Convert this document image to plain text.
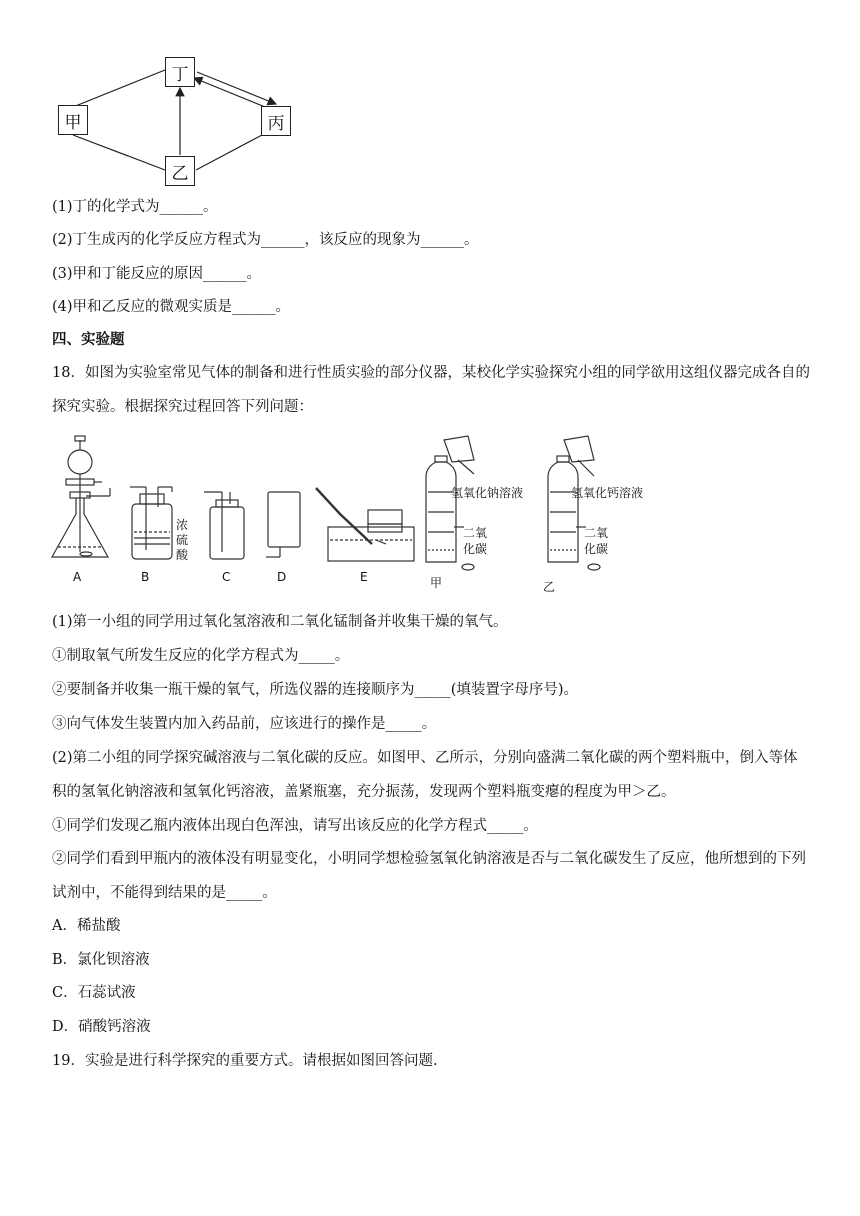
丁
甲	丙
乙
(1)丁的化学式为______。
(2)丁生成丙的化学反应方程式为______，该反应的现象为______。
(3)甲和丁能反应的原因______。
(4)甲和乙反应的微观实质是______。
四、实验题
18．如图为实验室常见气体的制备和进行性质实验的部分仪器，某校化学实验探究小组的同学欲用这组仪器完成各自的探究实验。根据探究过程回答下列问题：
A	B	C	D	E	甲	乙
浓硫酸
氢氧化钠溶液	氢氧化钙溶液
二氧化碳
二氧化碳
(1)第一小组的同学用过氧化氢溶液和二氧化锰制备并收集干燥的氧气。
①制取氧气所发生反应的化学方程式为_____。
②要制备并收集一瓶干燥的氧气，所选仪器的连接顺序为_____(填装置字母序号)。
③向气体发生装置内加入药品前，应该进行的操作是_____。
(2)第二小组的同学探究碱溶液与二氧化碳的反应。如图甲、乙所示，分别向盛满二氧化碳的两个塑料瓶中，倒入等体积的氢氧化钠溶液和氢氧化钙溶液，盖紧瓶塞，充分振荡，发现两个塑料瓶变瘪的程度为甲＞乙。
①同学们发现乙瓶内液体出现白色浑浊，请写出该反应的化学方程式_____。
②同学们看到甲瓶内的液体没有明显变化，小明同学想检验氢氧化钠溶液是否与二氧化碳发生了反应，他所想到的下列试剂中，不能得到结果的是_____。
A．稀盐酸
B．氯化钡溶液
C．石蕊试液
D．硝酸钙溶液
19．实验是进行科学探究的重要方式。请根据如图回答问题.
